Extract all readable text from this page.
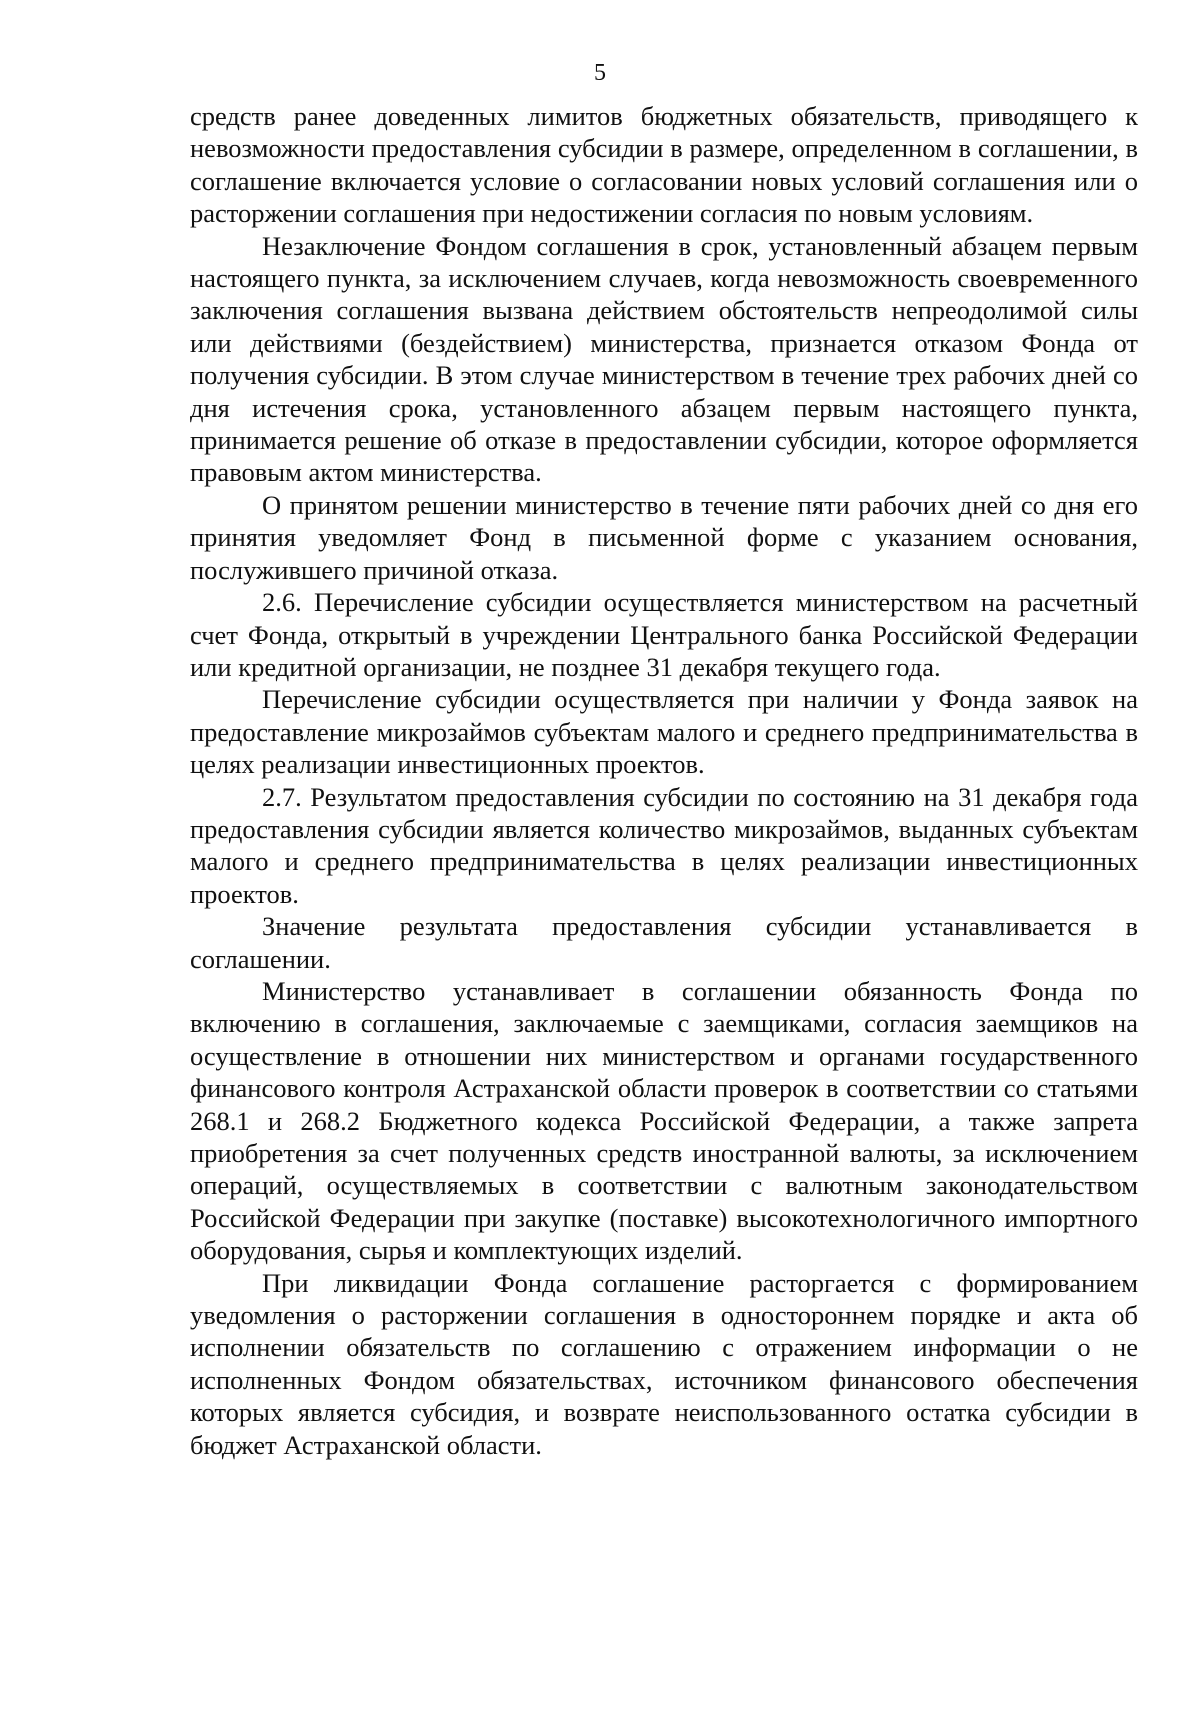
5

средств ранее доведенных лимитов бюджетных обязательств, приводящего к невозможности предоставления субсидии в размере, определенном в соглашении, в соглашение включается условие о согласовании новых условий соглашения или о расторжении соглашения при недостижении согласия по новым условиям.

Незаключение Фондом соглашения в срок, установленный абзацем первым настоящего пункта, за исключением случаев, когда невозможность своевременного заключения соглашения вызвана действием обстоятельств непреодолимой силы или действиями (бездействием) министерства, признается отказом Фонда от получения субсидии. В этом случае министерством в течение трех рабочих дней со дня истечения срока, установленного абзацем первым настоящего пункта, принимается решение об отказе в предоставлении субсидии, которое оформляется правовым актом министерства.

О принятом решении министерство в течение пяти рабочих дней со дня его принятия уведомляет Фонд в письменной форме с указанием основания, послужившего причиной отказа.

2.6. Перечисление субсидии осуществляется министерством на расчетный счет Фонда, открытый в учреждении Центрального банка Российской Федерации или кредитной организации, не позднее 31 декабря текущего года.

Перечисление субсидии осуществляется при наличии у Фонда заявок на предоставление микрозаймов субъектам малого и среднего предпринимательства в целях реализации инвестиционных проектов.

2.7. Результатом предоставления субсидии по состоянию на 31 декабря года предоставления субсидии является количество микрозаймов, выданных субъектам малого и среднего предпринимательства в целях реализации инвестиционных проектов.

Значение результата предоставления субсидии устанавливается в соглашении.

Министерство устанавливает в соглашении обязанность Фонда по включению в соглашения, заключаемые с заемщиками, согласия заемщиков на осуществление в отношении них министерством и органами государственного финансового контроля Астраханской области проверок в соответствии со статьями 268.1 и 268.2 Бюджетного кодекса Российской Федерации, а также запрета приобретения за счет полученных средств иностранной валюты, за исключением операций, осуществляемых в соответствии с валютным законодательством Российской Федерации при закупке (поставке) высокотехнологичного импортного оборудования, сырья и комплектующих изделий.

При ликвидации Фонда соглашение расторгается с формированием уведомления о расторжении соглашения в одностороннем порядке и акта об исполнении обязательств по соглашению с отражением информации о не исполненных Фондом обязательствах, источником финансового обеспечения которых является субсидия, и возврате неиспользованного остатка субсидии в бюджет Астраханской области.
